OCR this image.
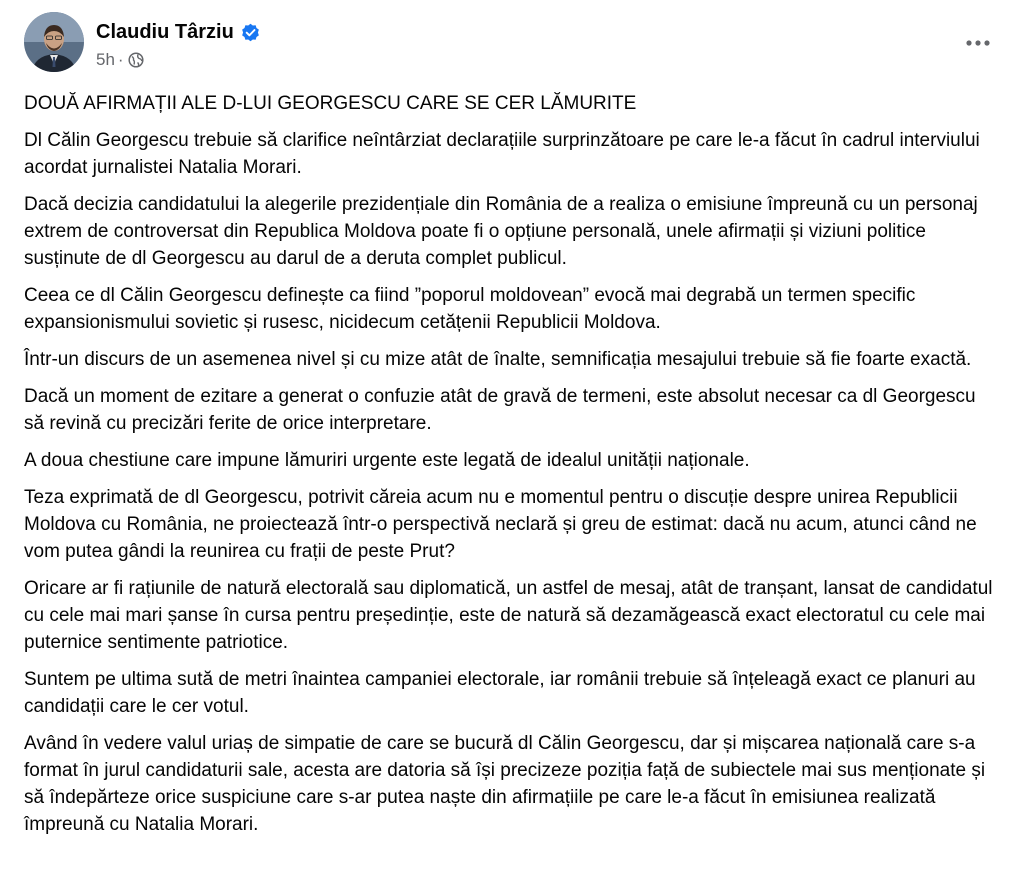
Claudiu Târziu
5h ·

DOUĂ AFIRMAȚII ALE D-LUI GEORGESCU CARE SE CER LĂMURITE

Dl Călin Georgescu trebuie să clarifice neîntârziat declarațiile surprinzătoare pe care le-a făcut în cadrul interviului acordat jurnalistei Natalia Morari.

Dacă decizia candidatului la alegerile prezidențiale din România de a realiza o emisiune împreună cu un personaj extrem de controversat din Republica Moldova poate fi o opțiune personală, unele afirmații și viziuni politice susținute de dl Georgescu au darul de a deruta complet publicul.

Ceea ce dl Călin Georgescu definește ca fiind ”poporul moldovean” evocă mai degrabă un termen specific expansionismului sovietic și rusesc, nicidecum cetățenii Republicii Moldova.

Într-un discurs de un asemenea nivel și cu mize atât de înalte, semnificația mesajului trebuie să fie foarte exactă.

Dacă un moment de ezitare a generat o confuzie atât de gravă de termeni, este absolut necesar ca dl Georgescu să revină cu precizări ferite de orice interpretare.

A doua chestiune care impune lămuriri urgente este legată de idealul unității naționale.

Teza exprimată de dl Georgescu, potrivit căreia acum nu e momentul pentru o discuție despre unirea Republicii Moldova cu România, ne proiectează într-o perspectivă neclară și greu de estimat: dacă nu acum, atunci când ne vom putea gândi la reunirea cu frații de peste Prut?

Oricare ar fi rațiunile de natură electorală sau diplomatică, un astfel de mesaj, atât de tranșant, lansat de candidatul cu cele mai mari șanse în cursa pentru președinție, este de natură să dezamăgească exact electoratul cu cele mai puternice sentimente patriotice.

Suntem pe ultima sută de metri înaintea campaniei electorale, iar românii trebuie să înțeleagă exact ce planuri au candidații care le cer votul.

Având în vedere valul uriaș de simpatie de care se bucură dl Călin Georgescu, dar și mișcarea națională care s-a format în jurul candidaturii sale, acesta are datoria să își precizeze poziția față de subiectele mai sus menționate și să îndepărteze orice suspiciune care s-ar putea naște din afirmațiile pe care le-a făcut în emisiunea realizată împreună cu Natalia Morari.
